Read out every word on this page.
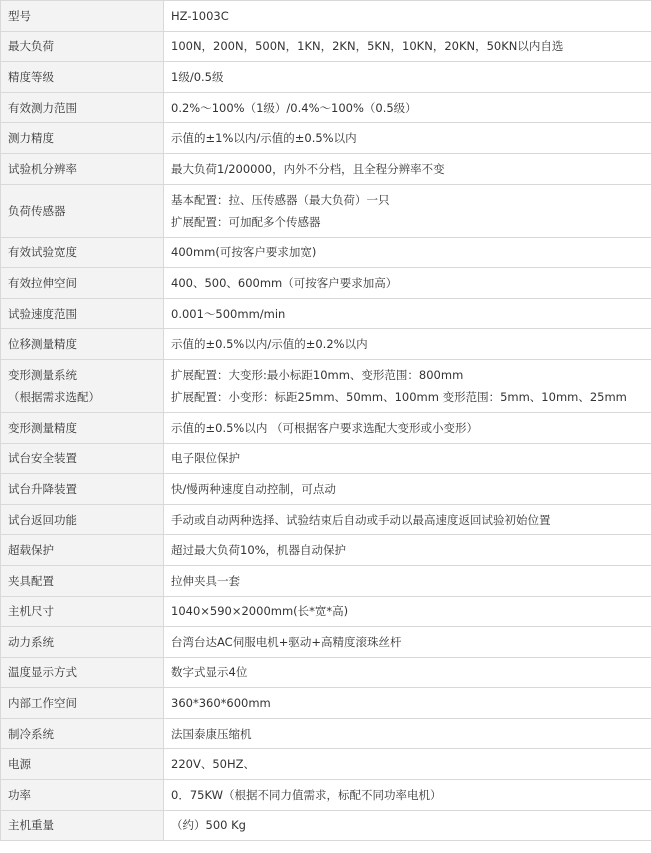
型号	HZ-1003C
最大负荷	100N，200N，500N，1KN，2KN，5KN，10KN，20KN，50KN以内自选
精度等级	1级/0.5级
有效测力范围	0.2%～100%（1级）/0.4%～100%（0.5级）
测力精度	示值的±1%以内/示值的±0.5%以内
试验机分辨率	最大负荷1/200000，内外不分档，且全程分辨率不变
负荷传感器	基本配置：拉、压传感器（最大负荷）一只
扩展配置：可加配多个传感器

有效试验宽度	400mm(可按客户要求加宽)
有效拉伸空间	400、500、600mm（可按客户要求加高）
试验速度范围	0.001～500mm/min
位移测量精度	示值的±0.5%以内/示值的±0.2%以内

变形测量系统
（根据需求选配）	扩展配置：大变形:最小标距10mm、变形范围：800mm
扩展配置：小变形：标距25mm、50mm、100mm 变形范围：5mm、10mm、25mm

变形测量精度	示值的±0.5%以内 （可根据客户要求选配大变形或小变形）
试台安全装置	电子限位保护
试台升降装置	快/慢两种速度自动控制，可点动
试台返回功能	手动或自动两种选择、试验结束后自动或手动以最高速度返回试验初始位置
超载保护	超过最大负荷10%，机器自动保护
夹具配置	拉伸夹具一套
主机尺寸	1040×590×2000mm(长*宽*高)
动力系统	台湾台达AC伺服电机+驱动+高精度滚珠丝杆
温度显示方式	数字式显示4位
内部工作空间	360*360*600mm
制冷系统	法国泰康压缩机
电源	220V、50HZ、
功率	0．75KW（根据不同力值需求，标配不同功率电机）
主机重量	（约）500 Kg
